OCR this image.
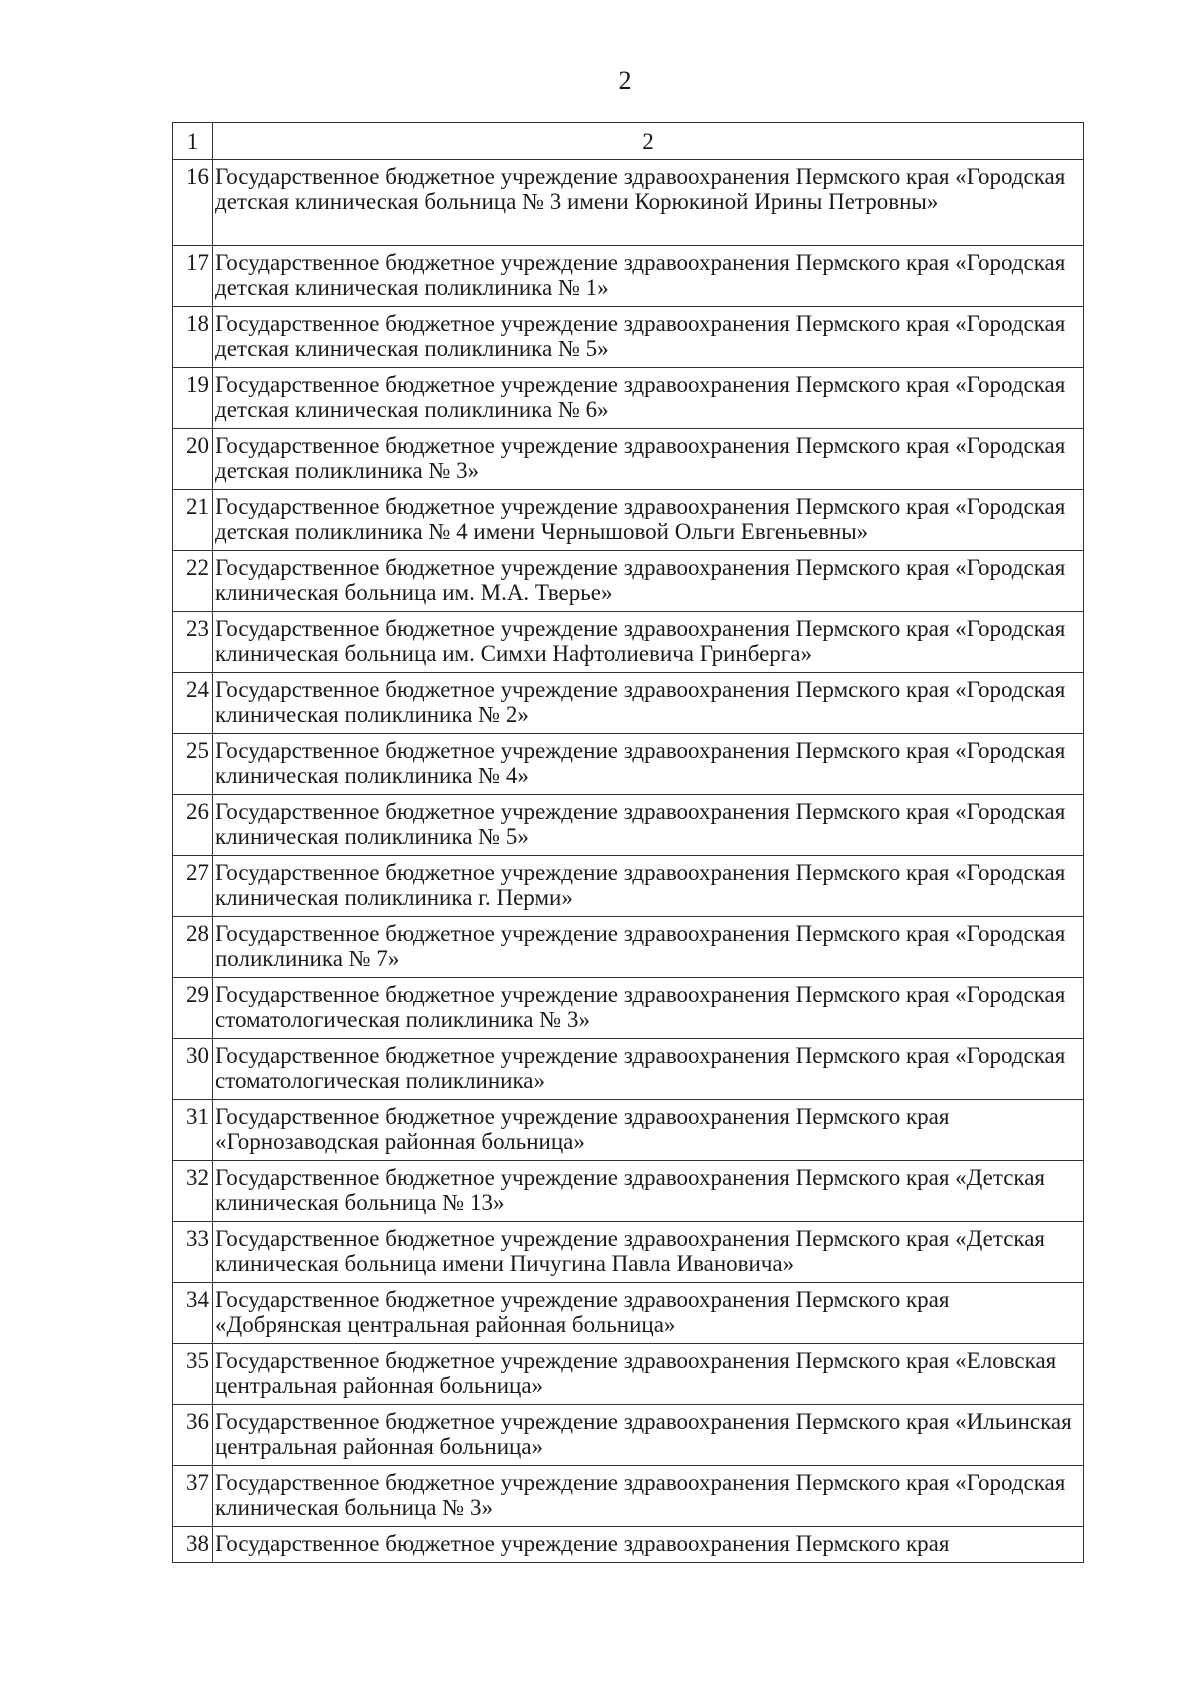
2
1	2
16	Государственное бюджетное учреждение здравоохранения Пермского края «Городская детская клиническая больница № 3 имени Корюкиной Ирины Петровны»
17	Государственное бюджетное учреждение здравоохранения Пермского края «Городская детская клиническая поликлиника № 1»
18	Государственное бюджетное учреждение здравоохранения Пермского края «Городская детская клиническая поликлиника № 5»
19	Государственное бюджетное учреждение здравоохранения Пермского края «Городская детская клиническая поликлиника № 6»
20	Государственное бюджетное учреждение здравоохранения Пермского края «Городская детская поликлиника № 3»
21	Государственное бюджетное учреждение здравоохранения Пермского края «Городская детская поликлиника № 4 имени Чернышовой Ольги Евгеньевны»
22	Государственное бюджетное учреждение здравоохранения Пермского края «Городская клиническая больница им. М.А. Тверье»
23	Государственное бюджетное учреждение здравоохранения Пермского края «Городская клиническая больница им. Симхи Нафтолиевича Гринберга»
24	Государственное бюджетное учреждение здравоохранения Пермского края «Городская клиническая поликлиника № 2»
25	Государственное бюджетное учреждение здравоохранения Пермского края «Городская клиническая поликлиника № 4»
26	Государственное бюджетное учреждение здравоохранения Пермского края «Городская клиническая поликлиника № 5»
27	Государственное бюджетное учреждение здравоохранения Пермского края «Городская клиническая поликлиника г. Перми»
28	Государственное бюджетное учреждение здравоохранения Пермского края «Городская поликлиника № 7»
29	Государственное бюджетное учреждение здравоохранения Пермского края «Городская стоматологическая поликлиника № 3»
30	Государственное бюджетное учреждение здравоохранения Пермского края «Городская стоматологическая поликлиника»
31	Государственное бюджетное учреждение здравоохранения Пермского края «Горнозаводская районная больница»
32	Государственное бюджетное учреждение здравоохранения Пермского края «Детская клиническая больница № 13»
33	Государственное бюджетное учреждение здравоохранения Пермского края «Детская клиническая больница имени Пичугина Павла Ивановича»
34	Государственное бюджетное учреждение здравоохранения Пермского края «Добрянская центральная районная больница»
35	Государственное бюджетное учреждение здравоохранения Пермского края «Еловская центральная районная больница»
36	Государственное бюджетное учреждение здравоохранения Пермского края «Ильинская центральная районная больница»
37	Государственное бюджетное учреждение здравоохранения Пермского края «Городская клиническая больница № 3»
38	Государственное бюджетное учреждение здравоохранения Пермского края
